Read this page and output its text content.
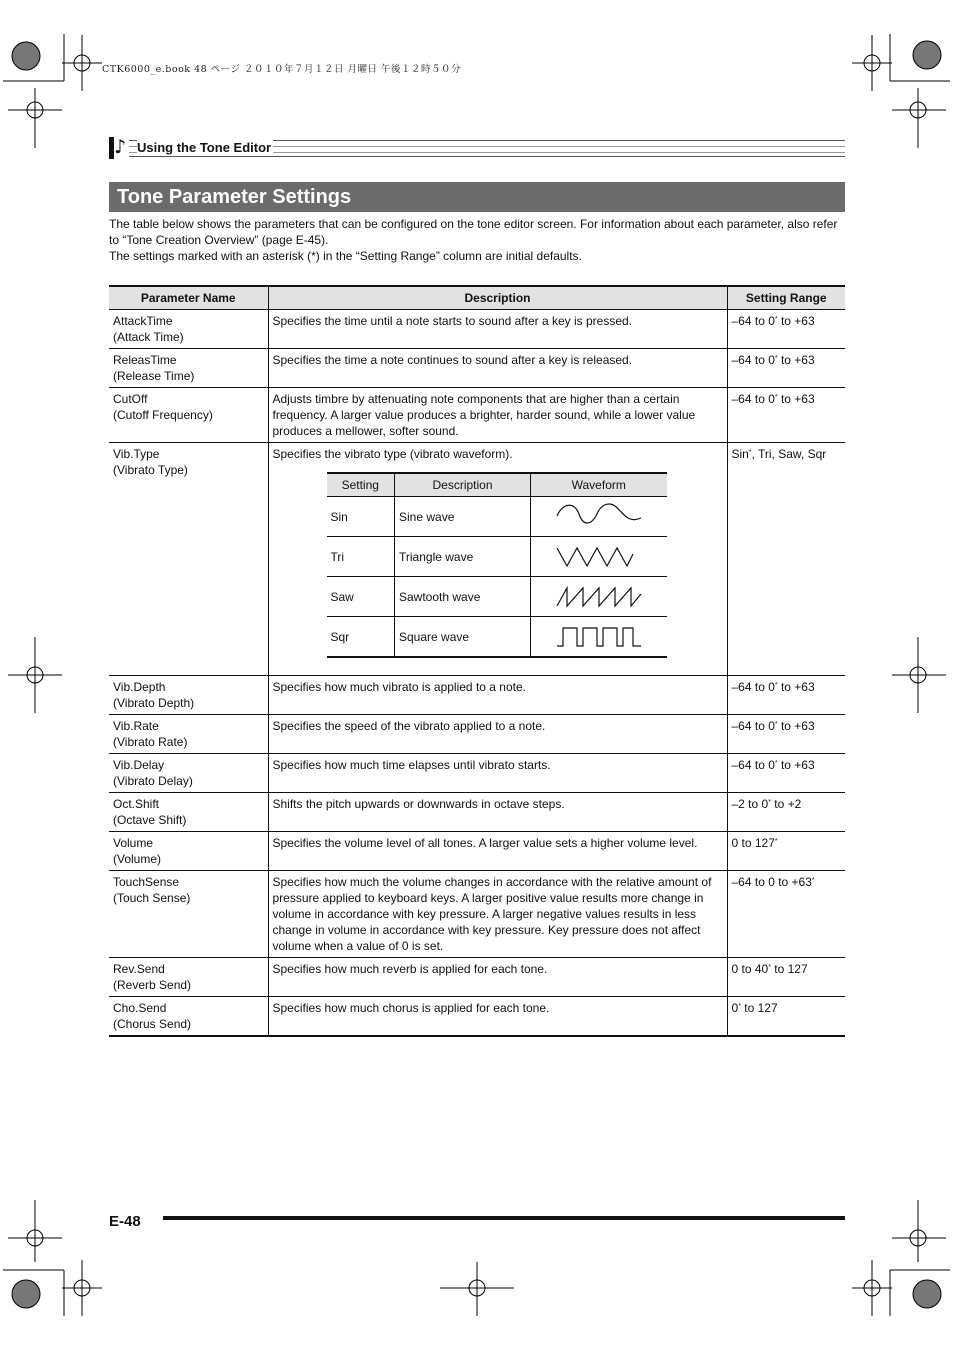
CTK6000_e.book 48 ページ ２０１０年７月１２日 月曜日 午後１２時５０分
♪ Using the Tone Editor
Tone Parameter Settings

The table below shows the parameters that can be configured on the tone editor screen. For information about each parameter, also refer to “Tone Creation Overview” (page E-45).

The settings marked with an asterisk (*) in the “Setting Range” column are initial defaults.

Parameter Name	Description	Setting Range

AttackTime
(Attack Time)

Specifies the time until a note starts to sound after a key is pressed.	–64 to 0* to +63

ReleasTime
(Release Time)

Specifies the time a note continues to sound after a key is released.	–64 to 0* to +63

CutOff
(Cutoff Frequency)

Adjusts timbre by attenuating note components that are higher than a certain frequency. A larger value produces a brighter, harder sound, while a lower value produces a mellower, softer sound.
	–64 to 0* to +63

Vib.Type
(Vibrato Type)

Specifies the vibrato type (vibrato waveform).
Setting	Description	Waveform
Sin	Sine wave	

Tri	Triangle wave	

Saw	Sawtooth wave	

Sqr	Square wave	
	Sin*, Tri, Saw, Sqr

Vib.Depth
(Vibrato Depth)

Specifies how much vibrato is applied to a note.	–64 to 0* to +63

Vib.Rate
(Vibrato Rate)

Specifies the speed of the vibrato applied to a note.	–64 to 0* to +63

Vib.Delay
(Vibrato Delay)

Specifies how much time elapses until vibrato starts.	–64 to 0* to +63

Oct.Shift
(Octave Shift)

Shifts the pitch upwards or downwards in octave steps.	–2 to 0* to +2

Volume
(Volume)

Specifies the volume level of all tones. A larger value sets a higher volume level.	0 to 127*

TouchSense
(Touch Sense)

Specifies how much the volume changes in accordance with the relative amount of pressure applied to keyboard keys. A larger positive value results more change in volume in accordance with key pressure. A larger negative values results in less change in volume in accordance with key pressure. Key pressure does not affect volume when a value of 0 is set.
	–64 to 0 to +63*

Rev.Send
(Reverb Send)

Specifies how much reverb is applied for each tone.	0 to 40* to 127

Cho.Send
(Chorus Send)

Specifies how much chorus is applied for each tone.	0* to 127
E-48
